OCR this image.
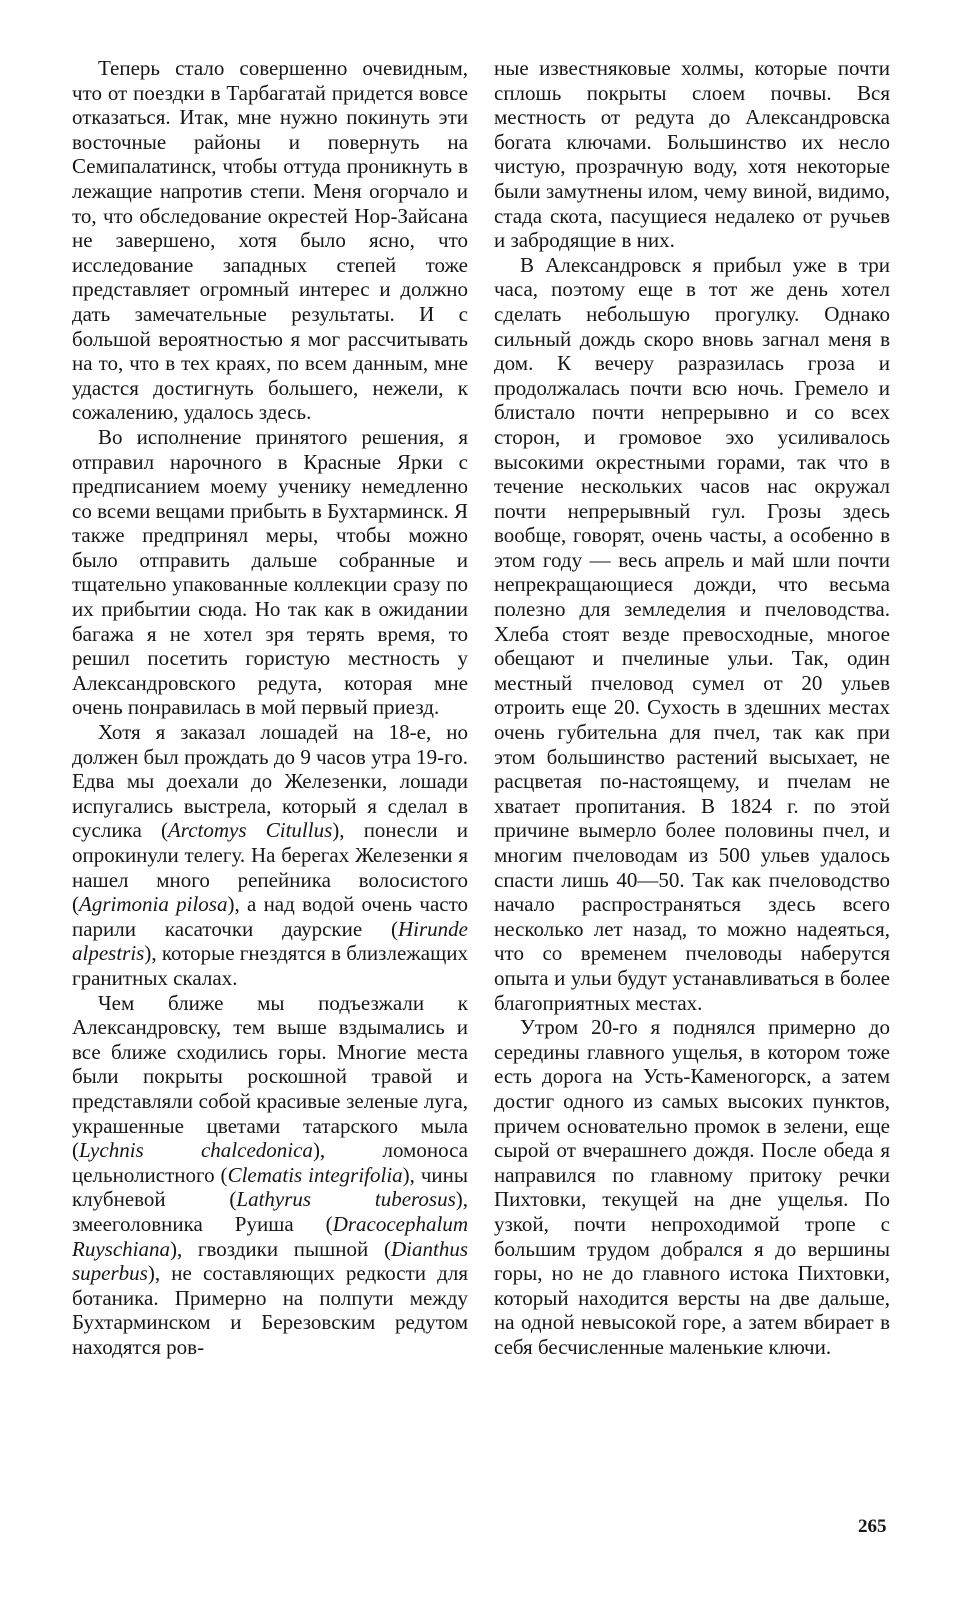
Теперь стало совершенно очевидным, что от поездки в Тарбагатай придется вовсе отказаться. Итак, мне нужно покинуть эти восточные районы и повернуть на Семипалатинск, чтобы оттуда проникнуть в лежащие напротив степи. Меня огорчало и то, что обследование окрестей Нор-Зайсана не завершено, хотя было ясно, что исследование западных степей тоже представляет огромный интерес и должно дать замечательные результаты. И с большой вероятностью я мог рассчитывать на то, что в тех краях, по всем данным, мне удастся достигнуть большего, нежели, к сожалению, удалось здесь.

Во исполнение принятого решения, я отправил нарочного в Красные Ярки с предписанием моему ученику немедленно со всеми вещами прибыть в Бухтарминск. Я также предпринял меры, чтобы можно было отправить дальше собранные и тщательно упакованные коллекции сразу по их прибытии сюда. Но так как в ожидании багажа я не хотел зря терять время, то решил посетить гористую местность у Александровского редута, которая мне очень понравилась в мой первый приезд.

Хотя я заказал лошадей на 18-е, но должен был прождать до 9 часов утра 19-го. Едва мы доехали до Железенки, лошади испугались выстрела, который я сделал в суслика (Arctomys Citullus), понесли и опрокинули телегу. На берегах Железенки я нашел много репейника волосистого (Agrimonia pilosa), а над водой очень часто парили касаточки даурские (Hirunde alpestris), которые гнездятся в близлежащих гранитных скалах.

Чем ближе мы подъезжали к Александровску, тем выше вздымались и все ближе сходились горы. Многие места были покрыты роскошной травой и представляли собой красивые зеленые луга, украшенные цветами татарского мыла (Lychnis chalcedonica), ломоноса цельнолистного (Clematis integrifolia), чины клубневой (Lathyrus tuberosus), змееголовника Руиша (Dracocephalum Ruyschiana), гвоздики пышной (Dianthus superbus), не составляющих редкости для ботаника. Примерно на полпути между Бухтарминском и Березовским редутом находятся ров-

ные известняковые холмы, которые почти сплошь покрыты слоем почвы. Вся местность от редута до Александровска богата ключами. Большинство их несло чистую, прозрачную воду, хотя некоторые были замутнены илом, чему виной, видимо, стада скота, пасущиеся недалеко от ручьев и забродящие в них.

В Александровск я прибыл уже в три часа, поэтому еще в тот же день хотел сделать небольшую прогулку. Однако сильный дождь скоро вновь загнал меня в дом. К вечеру разразилась гроза и продолжалась почти всю ночь. Гремело и блистало почти непрерывно и со всех сторон, и громовое эхо усиливалось высокими окрестными горами, так что в течение нескольких часов нас окружал почти непрерывный гул. Грозы здесь вообще, говорят, очень часты, а особенно в этом году — весь апрель и май шли почти непрекращающиеся дожди, что весьма полезно для земледелия и пчеловодства. Хлеба стоят везде превосходные, многое обещают и пчелиные ульи. Так, один местный пчеловод сумел от 20 ульев отроить еще 20. Сухость в здешних местах очень губительна для пчел, так как при этом большинство растений высыхает, не расцветая по-настоящему, и пчелам не хватает пропитания. В 1824 г. по этой причине вымерло более половины пчел, и многим пчеловодам из 500 ульев удалось спасти лишь 40—50. Так как пчеловодство начало распространяться здесь всего несколько лет назад, то можно надеяться, что со временем пчеловоды наберутся опыта и ульи будут устанавливаться в более благоприятных местах.

Утром 20-го я поднялся примерно до середины главного ущелья, в котором тоже есть дорога на Усть-Каменогорск, а затем достиг одного из самых высоких пунктов, причем основательно промок в зелени, еще сырой от вчерашнего дождя. После обеда я направился по главному притоку речки Пихтовки, текущей на дне ущелья. По узкой, почти непроходимой тропе с большим трудом добрался я до вершины горы, но не до главного истока Пихтовки, который находится версты на две дальше, на одной невысокой горе, а затем вбирает в себя бесчисленные маленькие ключи.

265
